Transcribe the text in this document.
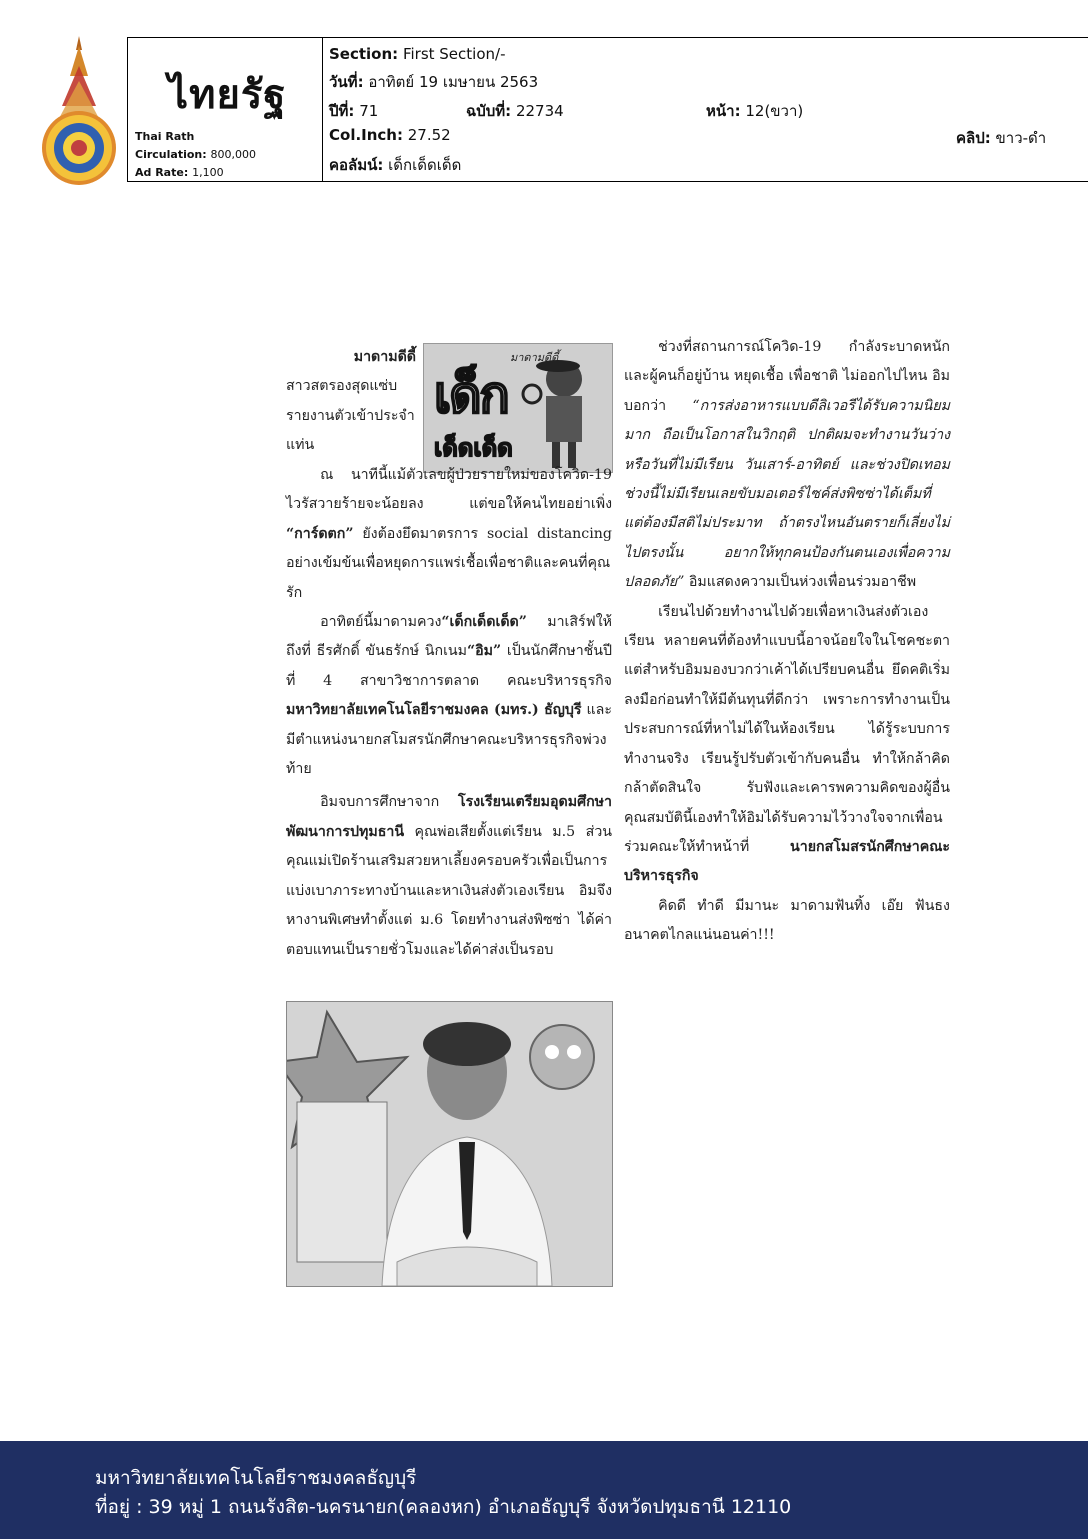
ไทยรัฐ
Thai Rath
Circulation: 800,000
Ad Rate: 1,100
Section: First Section/-
วันที่: อาทิตย์ 19 เมษายน 2563
ปีที่: 71	ฉบับที่: 22734	หน้า: 12(ขวา)
Col.Inch: 27.52	คลิป: ขาว-ดำ
คอลัมน์: เด็กเด็ดเด็ด
มาดามดีดี้
เด็ก
เด็ดเด็ด

มาดามดีดี้

สาวสตรองสุดแซ่บ

รายงานตัวเข้าประจำ

แท่น

ณ นาทีนี้แม้ตัวเลขผู้ป่วยรายใหม่ของโควิด-19 ไวรัสวายร้ายจะน้อยลง แต่ขอให้คนไทยอย่าเพิ่ง “การ์ดตก” ยังต้องยึดมาตรการ social distancing อย่างเข้มข้นเพื่อหยุดการแพร่เชื้อเพื่อชาติและคนที่คุณรัก

อาทิตย์นี้มาดามควง“เด็กเด็ดเด็ด” มาเสิร์ฟให้ถึงที่ ธีรศักดิ์ ขันธรักษ์ นิกเนม“อิม” เป็นนักศึกษาชั้นปีที่ 4 สาขาวิชาการตลาด คณะบริหารธุรกิจ มหาวิทยาลัยเทคโนโลยีราชมงคล (มทร.) ธัญบุรี และมีตำแหน่งนายกสโมสรนักศึกษาคณะบริหารธุรกิจพ่วงท้าย

อิมจบการศึกษาจาก โรงเรียนเตรียมอุดมศึกษาพัฒนาการปทุมธานี คุณพ่อเสียตั้งแต่เรียน ม.5 ส่วนคุณแม่เปิดร้านเสริมสวยหาเลี้ยงครอบครัวเพื่อเป็นการแบ่งเบาภาระทางบ้านและหาเงินส่งตัวเองเรียน อิมจึงหางานพิเศษทำตั้งแต่ ม.6 โดยทำงานส่งพิซซ่า ได้ค่าตอบแทนเป็นรายชั่วโมงและได้ค่าส่งเป็นรอบ

ช่วงที่สถานการณ์โควิด-19 กำลังระบาดหนักและผู้คนก็อยู่บ้าน หยุดเชื้อ เพื่อชาติ ไม่ออกไปไหน อิมบอกว่า “การส่งอาหารแบบดีลิเวอรีได้รับความนิยมมาก ถือเป็นโอกาสในวิกฤติ ปกติผมจะทำงานวันว่าง หรือวันที่ไม่มีเรียน วันเสาร์-อาทิตย์ และช่วงปิดเทอม ช่วงนี้ไม่มีเรียนเลยขับมอเตอร์ไซค์ส่งพิซซ่าได้เต็มที่ แต่ต้องมีสติไม่ประมาท ถ้าตรงไหนอันตรายก็เลี่ยงไม่ไปตรงนั้น อยากให้ทุกคนป้องกันตนเองเพื่อความปลอดภัย” อิมแสดงความเป็นห่วงเพื่อนร่วมอาชีพ

เรียนไปด้วยทำงานไปด้วยเพื่อหาเงินส่งตัวเองเรียน หลายคนที่ต้องทำแบบนี้อาจน้อยใจในโชคชะตา แต่สำหรับอิมมองบวกว่าเค้าได้เปรียบคนอื่น ยึดคติเริ่มลงมือก่อนทำให้มีต้นทุนที่ดีกว่า เพราะการทำงานเป็นประสบการณ์ที่หาไม่ได้ในห้องเรียน ได้รู้ระบบการทำงานจริง เรียนรู้ปรับตัวเข้ากับคนอื่น ทำให้กล้าคิด กล้าตัดสินใจ รับฟังและเคารพความคิดของผู้อื่น คุณสมบัตินี้เองทำให้อิมได้รับความไว้วางใจจากเพื่อนร่วมคณะให้ทำหน้าที่ นายกสโมสรนักศึกษาคณะบริหารธุรกิจ

คิดดี ทำดี มีมานะ มาดามฟันทิ้ง เอ๊ย ฟันธง อนาคตไกลแน่นอนค่า!!!

มหาวิทยาลัยเทคโนโลยีราชมงคลธัญบุรี
ที่อยู่ : 39 หมู่ 1 ถนนรังสิต-นครนายก(คลองหก) อำเภอธัญบุรี จังหวัดปทุมธานี 12110
